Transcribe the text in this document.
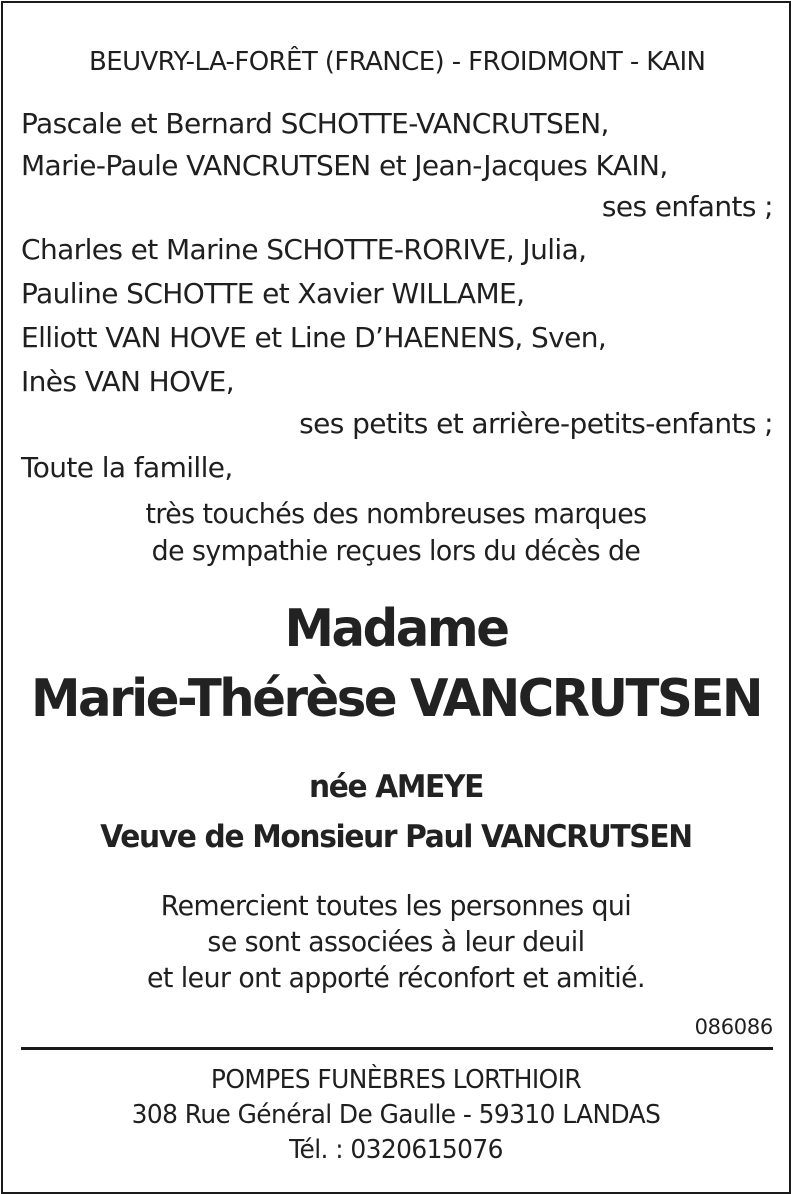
BEUVRY-LA-FORÊT (FRANCE) - FROIDMONT - KAIN
Pascale et Bernard SCHOTTE-VANCRUTSEN,
Marie-Paule VANCRUTSEN et Jean-Jacques KAIN,
ses enfants ;
Charles et Marine SCHOTTE-RORIVE, Julia,
Pauline SCHOTTE et Xavier WILLAME,
Elliott VAN HOVE et Line D’HAENENS, Sven,
Inès VAN HOVE,
ses petits et arrière-petits-enfants ;
Toute la famille,
très touchés des nombreuses marques
de sympathie reçues lors du décès de
Madame
Marie-Thérèse VANCRUTSEN
née AMEYE
Veuve de Monsieur Paul VANCRUTSEN
Remercient toutes les personnes qui
se sont associées à leur deuil
et leur ont apporté réconfort et amitié.
086086
POMPES FUNÈBRES LORTHIOIR
308 Rue Général De Gaulle - 59310 LANDAS
Tél. : 0320615076
